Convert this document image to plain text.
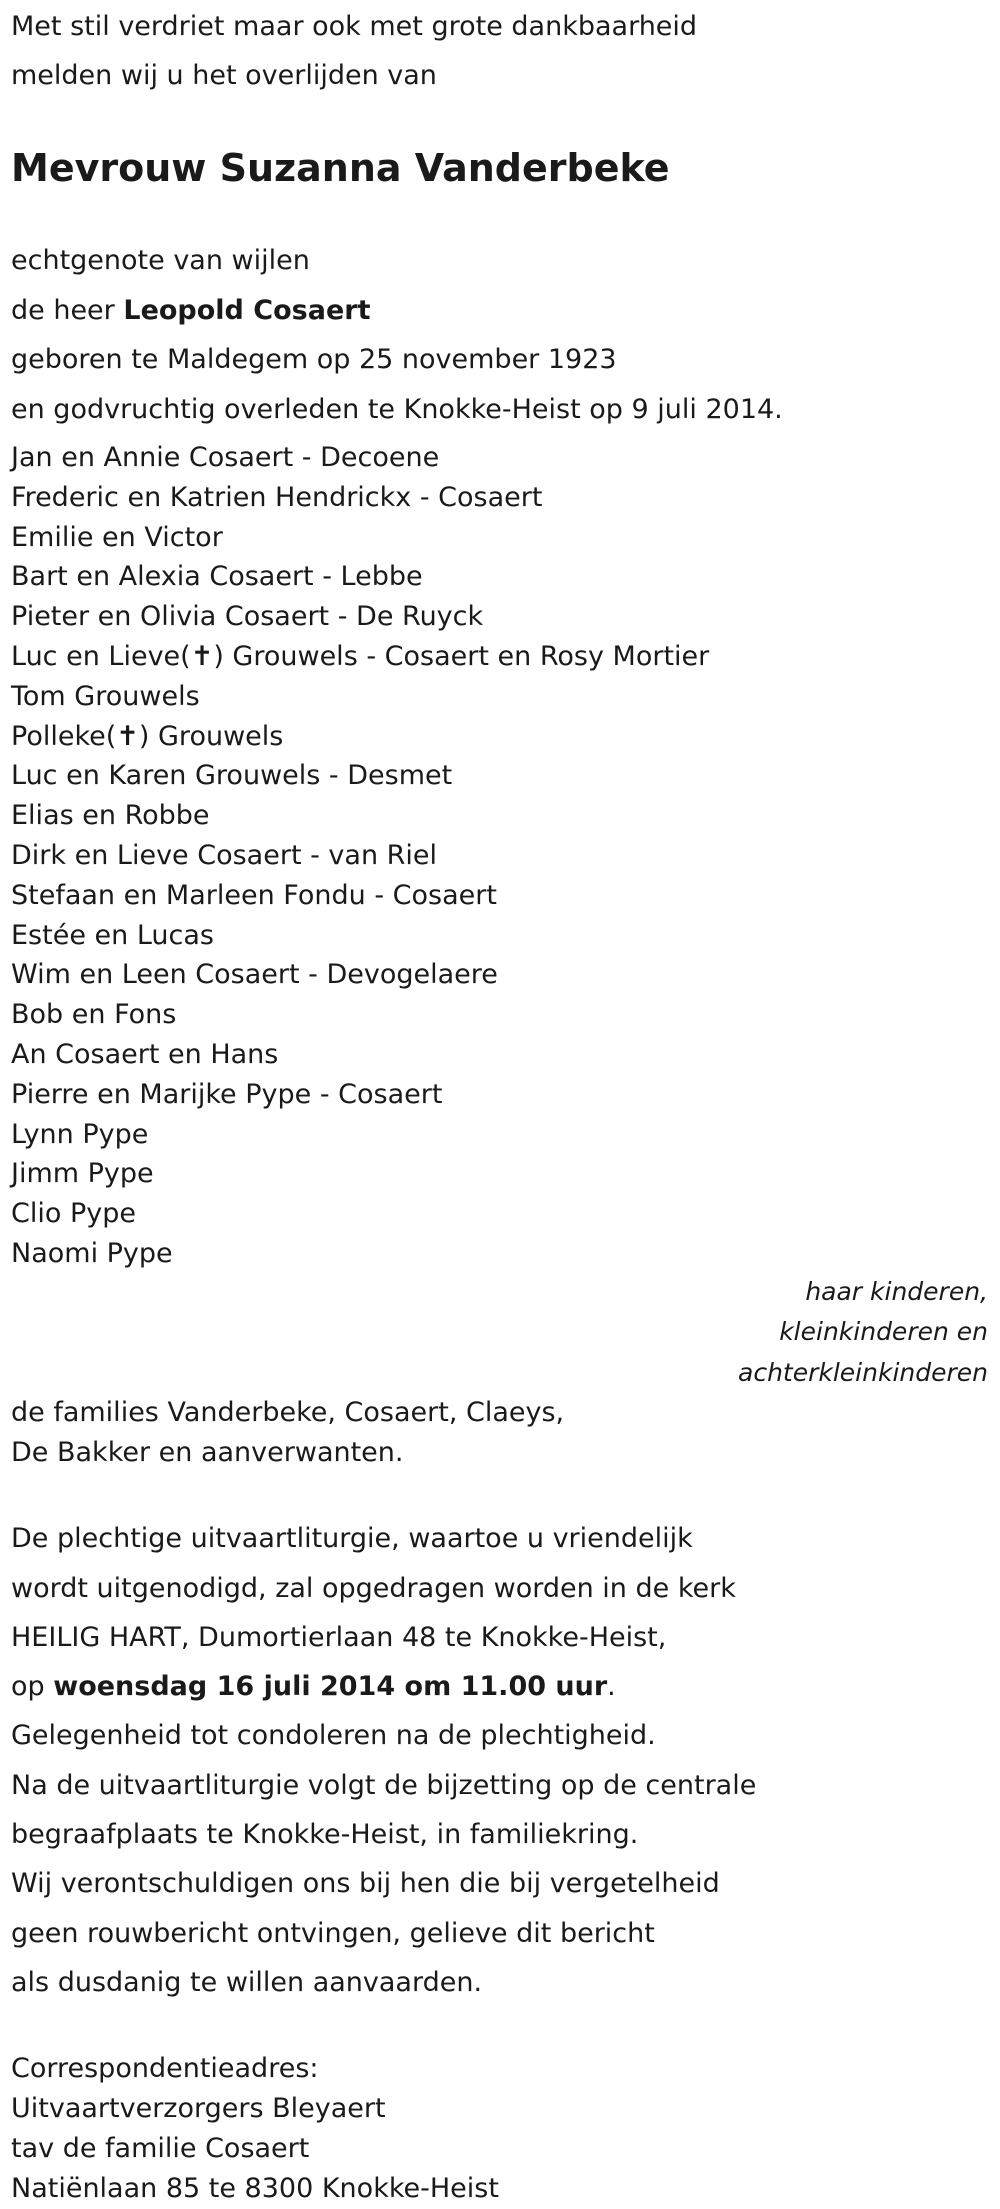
Met stil verdriet maar ook met grote dankbaarheid
melden wij u het overlijden van
Mevrouw Suzanna Vanderbeke
echtgenote van wijlen
de heer Leopold Cosaert
geboren te Maldegem op 25 november 1923
en godvruchtig overleden te Knokke-Heist op 9 juli 2014.
Jan en Annie Cosaert - Decoene
Frederic en Katrien Hendrickx - Cosaert
Emilie en Victor
Bart en Alexia Cosaert - Lebbe
Pieter en Olivia Cosaert - De Ruyck
Luc en Lieve(✝) Grouwels - Cosaert en Rosy Mortier
Tom Grouwels
Polleke(✝) Grouwels
Luc en Karen Grouwels - Desmet
Elias en Robbe
Dirk en Lieve Cosaert - van Riel
Stefaan en Marleen Fondu - Cosaert
Estée en Lucas
Wim en Leen Cosaert - Devogelaere
Bob en Fons
An Cosaert en Hans
Pierre en Marijke Pype - Cosaert
Lynn Pype
Jimm Pype
Clio Pype
Naomi Pype
haar kinderen,
kleinkinderen en
achterkleinkinderen
de families Vanderbeke, Cosaert, Claeys,
De Bakker en aanverwanten.
De plechtige uitvaartliturgie, waartoe u vriendelijk
wordt uitgenodigd, zal opgedragen worden in de kerk
HEILIG HART, Dumortierlaan 48 te Knokke-Heist,
op woensdag 16 juli 2014 om 11.00 uur.
Gelegenheid tot condoleren na de plechtigheid.
Na de uitvaartliturgie volgt de bijzetting op de centrale
begraafplaats te Knokke-Heist, in familiekring.
Wij verontschuldigen ons bij hen die bij vergetelheid
geen rouwbericht ontvingen, gelieve dit bericht
als dusdanig te willen aanvaarden.
Correspondentieadres:
Uitvaartverzorgers Bleyaert
tav de familie Cosaert
Natiënlaan 85 te 8300 Knokke-Heist
